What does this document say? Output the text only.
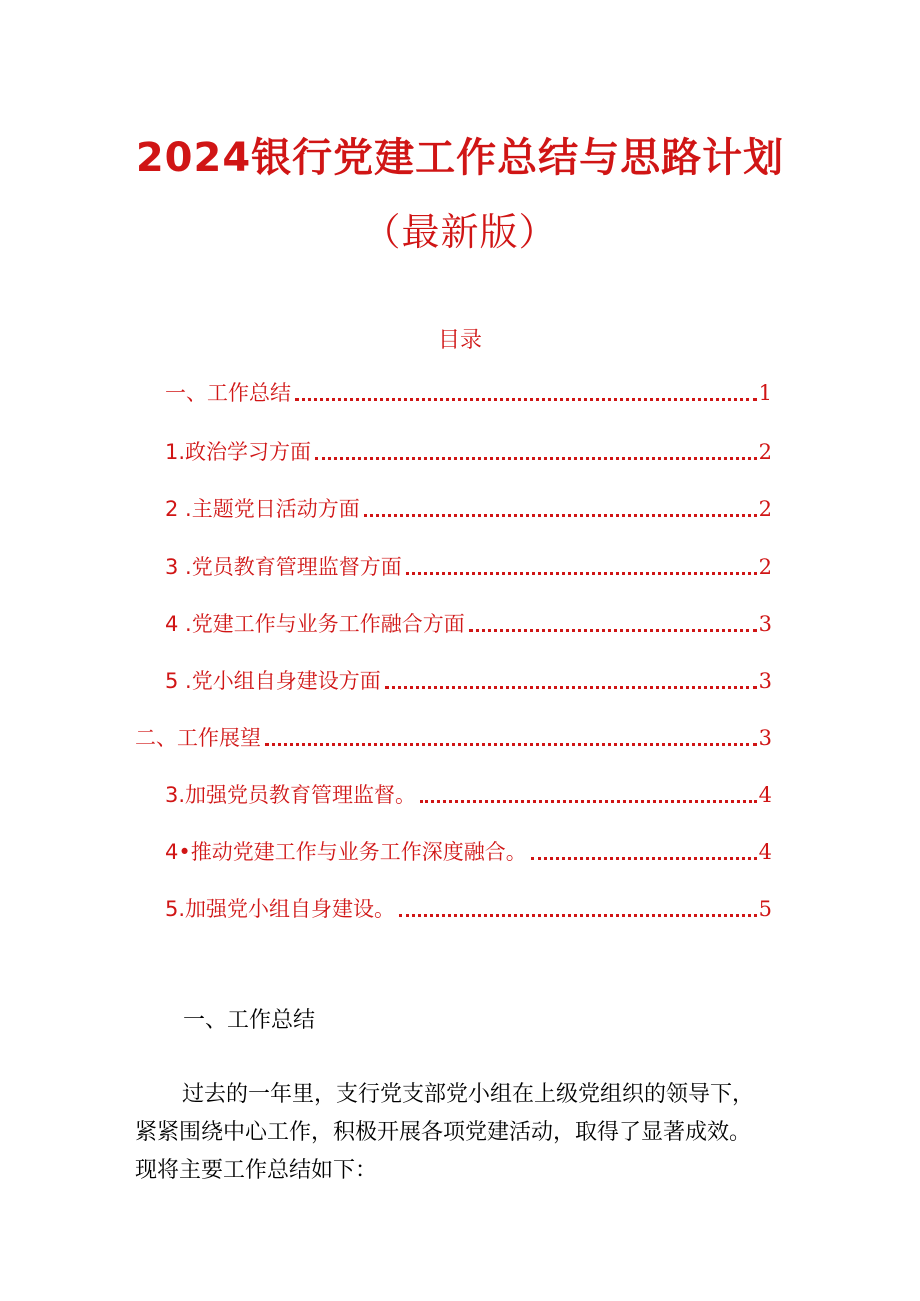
2024银行党建工作总结与思路计划
（最新版）
目录
一、工作总结	1
1.政治学习方面	2
2 .主题党日活动方面	2
3 .党员教育管理监督方面	2
4 .党建工作与业务工作融合方面	3
5 .党小组自身建设方面	3
二、工作展望	3
3.加强党员教育管理监督。	4
4•推动党建工作与业务工作深度融合。	4
5.加强党小组自身建设。	5
一、工作总结
过去的一年里，支行党支部党小组在上级党组织的领导下，
紧紧围绕中心工作，积极开展各项党建活动，取得了显著成效。
现将主要工作总结如下：
